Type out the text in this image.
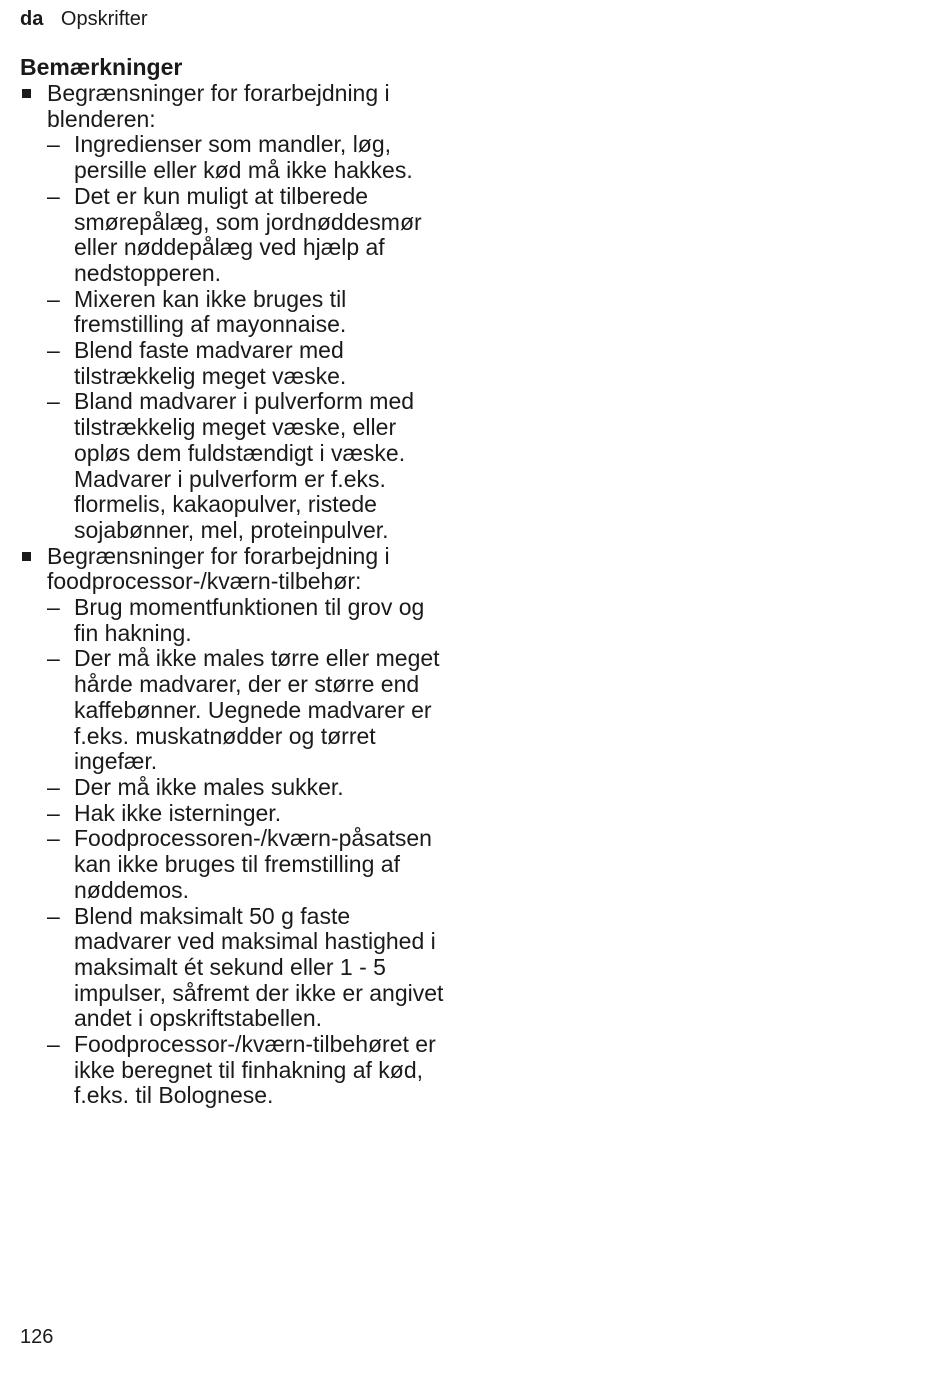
da Opskrifter
Bemærkninger
Begrænsninger for forarbejdning i blenderen:
– Ingredienser som mandler, løg, persille eller kød må ikke hakkes.
– Det er kun muligt at tilberede smørepålæg, som jordnøddesmør eller nøddepålæg ved hjælp af nedstopperen.
– Mixeren kan ikke bruges til fremstilling af mayonnaise.
– Blend faste madvarer med tilstrækkelig meget væske.
– Bland madvarer i pulverform med tilstrækkelig meget væske, eller opløs dem fuldstændigt i væske. Madvarer i pulverform er f.eks. flormelis, kakaopulver, ristede sojabønner, mel, proteinpulver.
Begrænsninger for forarbejdning i foodprocessor-/kværn-tilbehør:
– Brug momentfunktionen til grov og fin hakning.
– Der må ikke males tørre eller meget hårde madvarer, der er større end kaffebønner. Uegnede madvarer er f.eks. muskatnødder og tørret ingefær.
– Der må ikke males sukker.
– Hak ikke isterninger.
– Foodprocessoren-/kværn-påsatsen kan ikke bruges til fremstilling af nøddemos.
– Blend maksimalt 50 g faste madvarer ved maksimal hastighed i maksimalt ét sekund eller 1 - 5 impulser, såfremt der ikke er angivet andet i opskriftstabellen.
– Foodprocessor-/kværn-tilbehøret er ikke beregnet til finhakning af kød, f.eks. til Bolognese.
126
